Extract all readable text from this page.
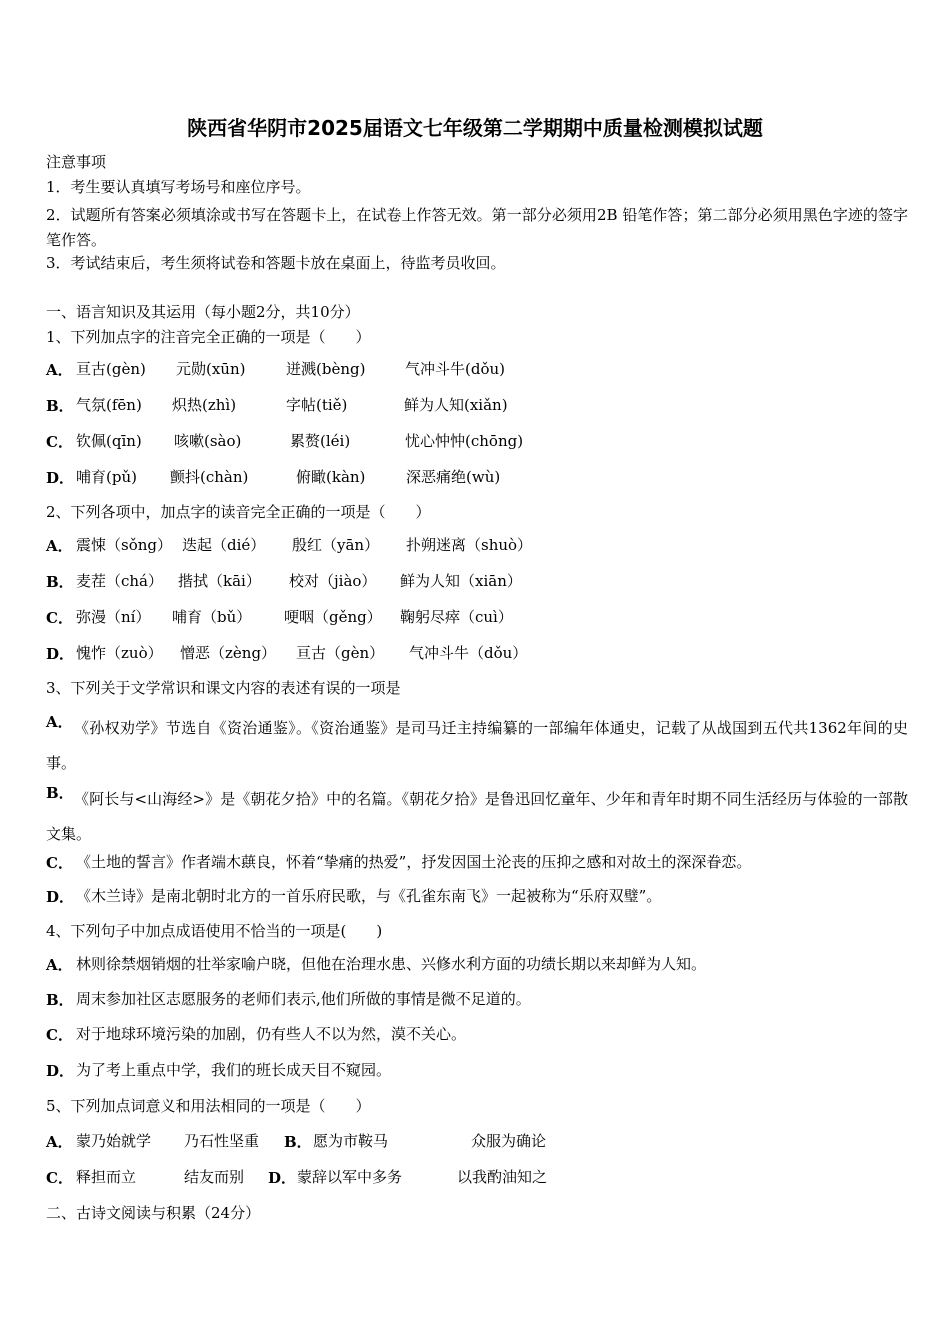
陕西省华阴市2025届语文七年级第二学期期中质量检测模拟试题
注意事项
1．考生要认真填写考场号和座位序号。
2．试题所有答案必须填涂或书写在答题卡上，在试卷上作答无效。第一部分必须用2B 铅笔作答；第二部分必须用黑色字迹的签字笔作答。
3．考试结束后，考生须将试卷和答题卡放在桌面上，待监考员收回。
一、语言知识及其运用（每小题2分，共10分）
1、下列加点字的注音完全正确的一项是（　　）
A． 亘古(gèn) 元勋(xūn)	迸溅(bèng)	气冲斗牛(dǒu)
B． 气氛(fēn) 炽热(zhì)	字帖(tiě)	鲜为人知(xiǎn)
C． 钦佩(qīn) 咳嗽(sào)	累赘(léi)	忧心忡忡(chōng)
D． 哺育(pǔ) 颤抖(chàn)	俯瞰(kàn)	深恶痛绝(wù)
2、下列各项中，加点字的读音完全正确的一项是（　　）
A． 震悚（sǒng） 迭起（dié） 殷红（yān） 扑朔迷离（shuò）
B． 麦茬（chá） 揩拭（kāi） 校对（jiào） 鲜为人知（xiān）
C． 弥漫（ní） 哺育（bǔ） 哽咽（gěng） 鞠躬尽瘁（cuì）
D． 愧怍（zuò） 憎恶（zèng） 亘古（gèn） 气冲斗牛（dǒu）
3、下列关于文学常识和课文内容的表述有误的一项是
A． 《孙权劝学》节选自《资治通鉴》。《资治通鉴》是司马迁主持编纂的一部编年体通史，记载了从战国到五代共1362年间的史事。
B． 《阿长与<山海经>》是《朝花夕拾》中的名篇。《朝花夕拾》是鲁迅回忆童年、少年和青年时期不同生活经历与体验的一部散文集。
C． 《土地的誓言》作者端木蕻良，怀着“挚痛的热爱”，抒发因国土沦丧的压抑之感和对故土的深深眷恋。
D． 《木兰诗》是南北朝时北方的一首乐府民歌，与《孔雀东南飞》一起被称为“乐府双璧”。
4、下列句子中加点成语使用不恰当的一项是(　　)
A． 林则徐禁烟销烟的壮举家喻户晓，但他在治理水患、兴修水利方面的功绩长期以来却鲜为人知。
B． 周末参加社区志愿服务的老师们表示,他们所做的事情是微不足道的。
C． 对于地球环境污染的加剧，仍有些人不以为然，漠不关心。
D． 为了考上重点中学，我们的班长成天目不窥园。
5、下列加点词意义和用法相同的一项是（　　）
A． 蒙乃始就学 乃石性坚重 B． 愿为市鞍马	众服为确论
C． 释担而立	结友而别 D． 蒙辞以军中多务	以我酌油知之
二、古诗文阅读与积累（24分）
